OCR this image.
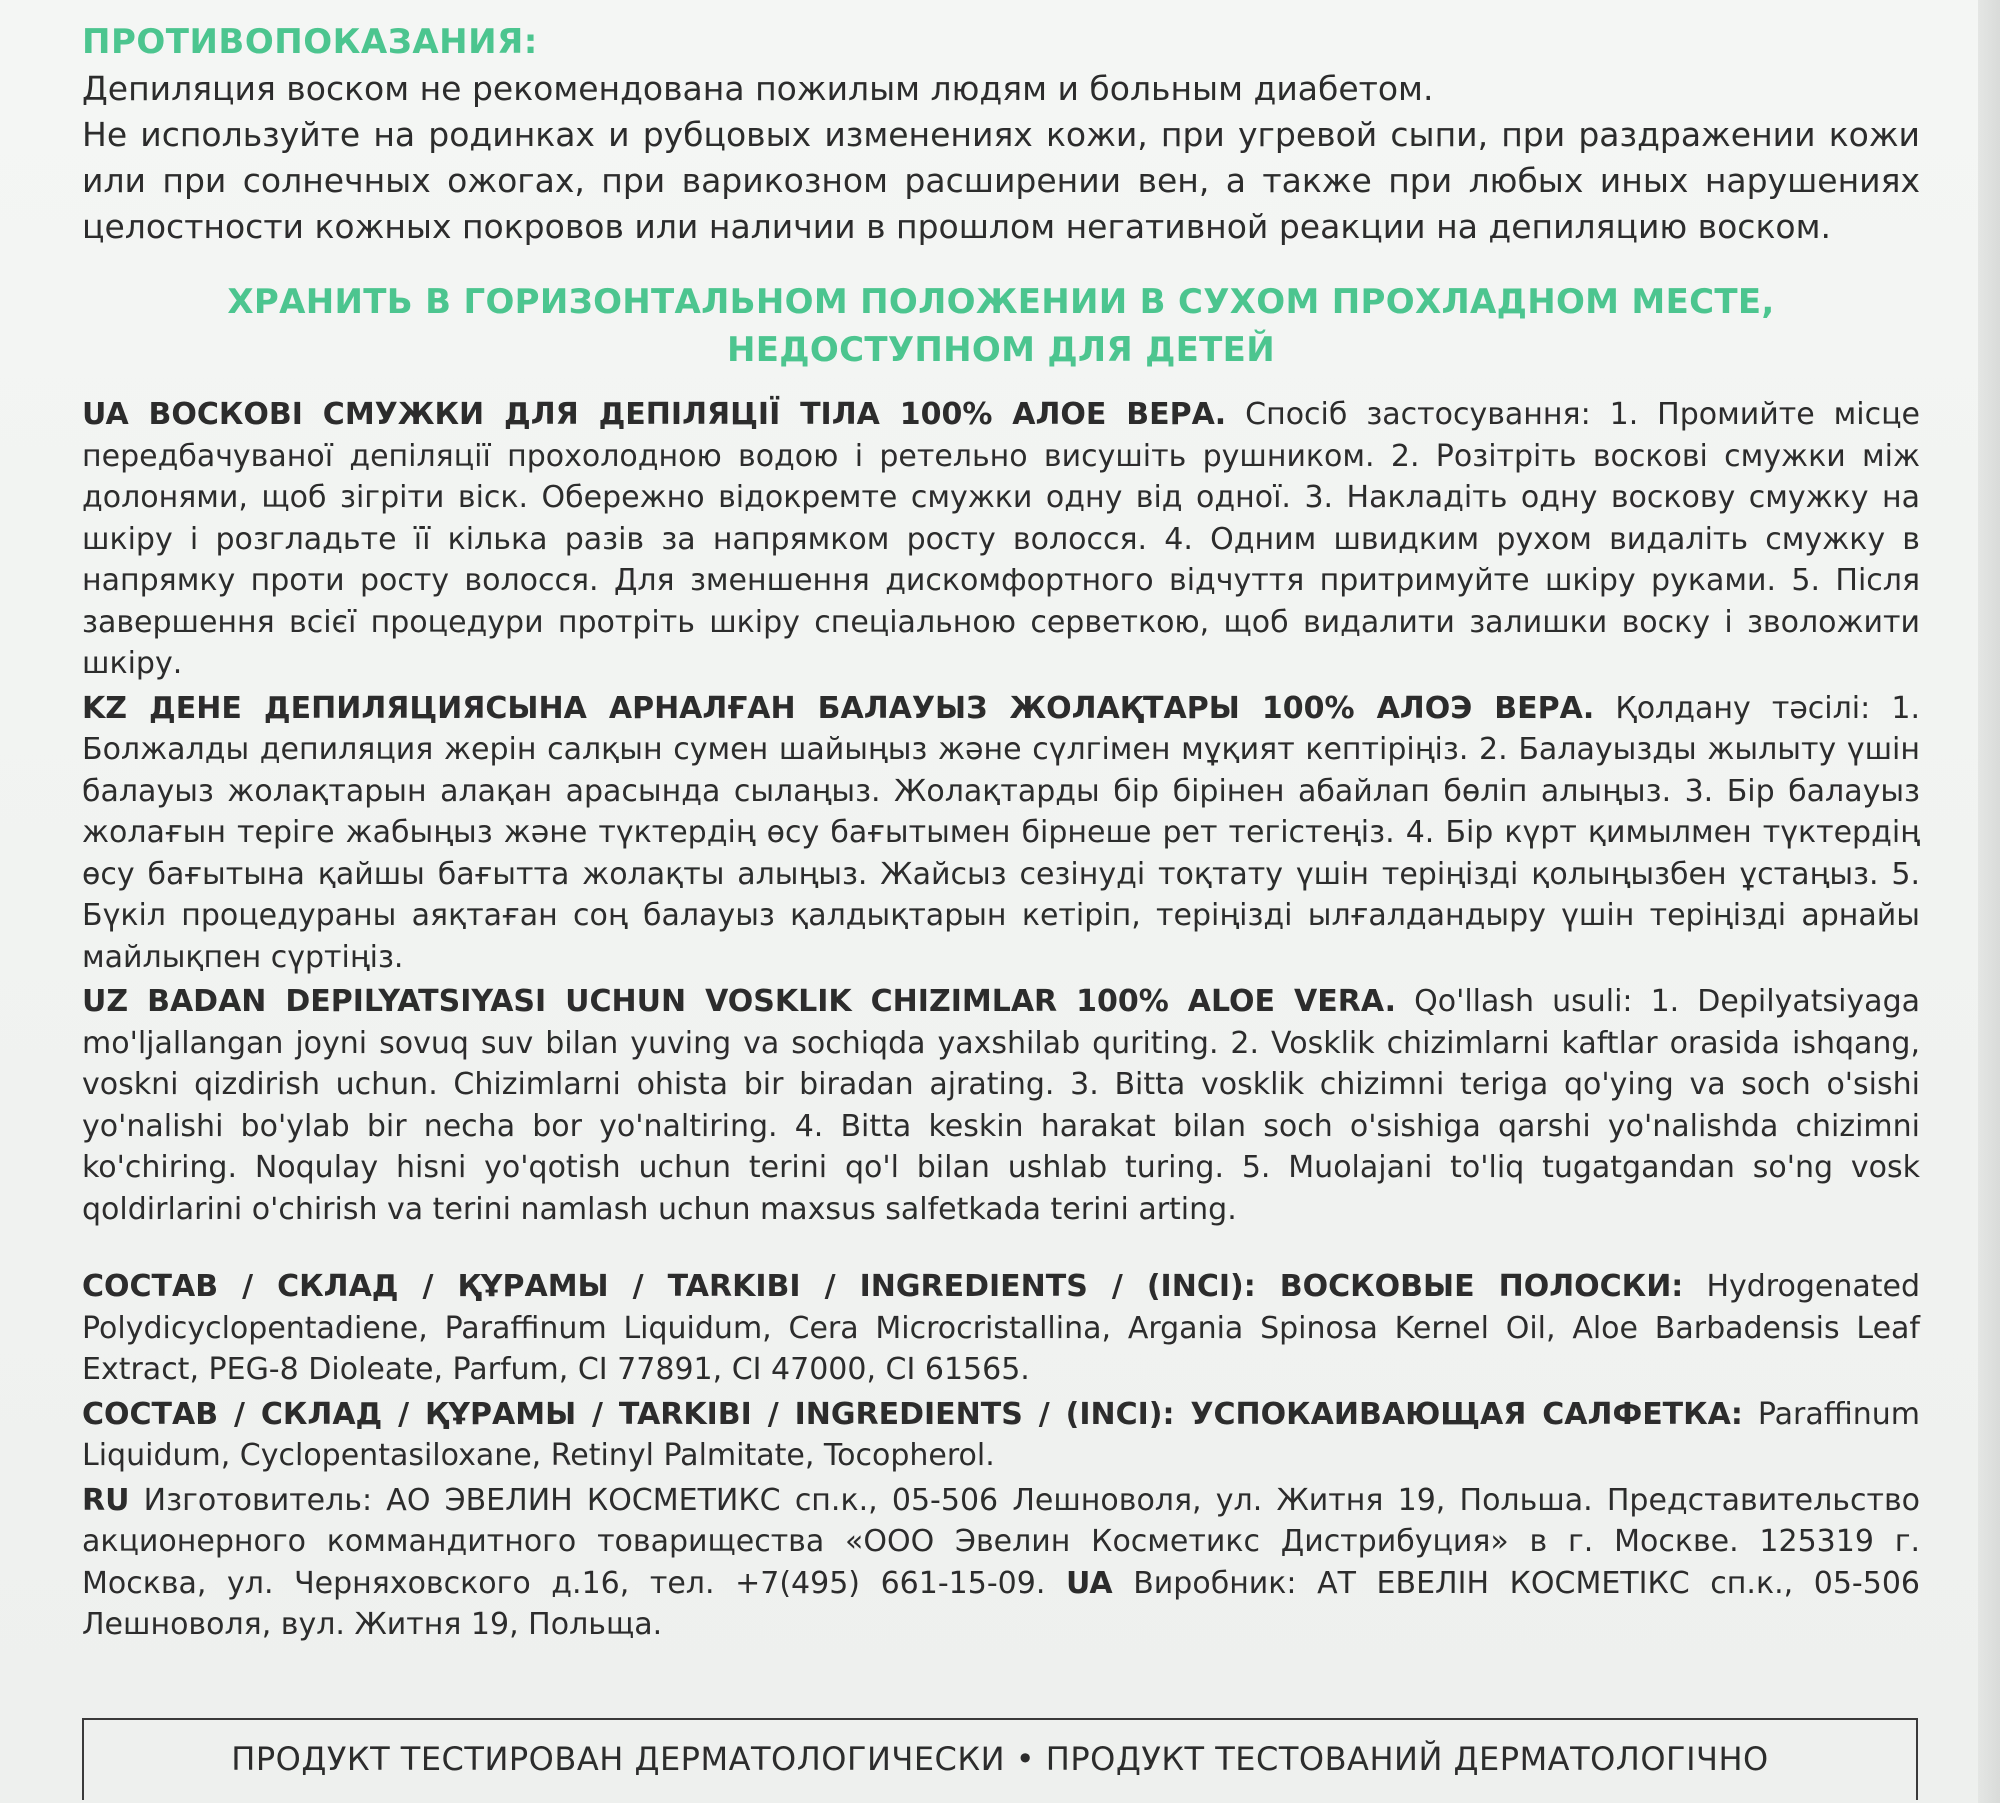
ПРОТИВОПОКАЗАНИЯ:

Депиляция воском не рекомендована пожилым людям и больным диабетом.

Не используйте на родинках и рубцовых изменениях кожи, при угревой сыпи, при раздражении кожи или при солнечных ожогах, при варикозном расширении вен, а также при любых иных нарушениях целостности кожных покровов или наличии в прошлом негативной реакции на депиляцию воском.

ХРАНИТЬ В ГОРИЗОНТАЛЬНОМ ПОЛОЖЕНИИ В СУХОМ ПРОХЛАДНОМ МЕСТЕ,

НЕДОСТУПНОМ ДЛЯ ДЕТЕЙ

UA ВОСКОВІ СМУЖКИ ДЛЯ ДЕПІЛЯЦІЇ ТІЛА 100% АЛОЕ ВЕРА. Спосіб застосування: 1. Промийте місце передбачуваної депіляції прохолодною водою і ретельно висушіть рушником. 2. Розітріть воскові смужки між долонями, щоб зігріти віск. Обережно відокремте смужки одну від одної. 3. Накладіть одну воскову смужку на шкіру і розгладьте її кілька разів за напрямком росту волосся. 4. Одним швидким рухом видаліть смужку в напрямку проти росту волосся. Для зменшення дискомфортного відчуття притримуйте шкіру руками. 5. Після завершення всієї процедури протріть шкіру спеціальною серветкою, щоб видалити залишки воску і зволожити шкіру.

KZ ДЕНЕ ДЕПИЛЯЦИЯСЫНА АРНАЛҒАН БАЛАУЫЗ ЖОЛАҚТАРЫ 100% АЛОЭ ВЕРА. Қолдану тәсілі: 1. Болжалды депиляция жерін салқын сумен шайыңыз және сүлгімен мұқият кептіріңіз. 2. Балауызды жылыту үшін балауыз жолақтарын алақан арасында сылаңыз. Жолақтарды бір бірінен абайлап бөліп алыңыз. 3. Бір балауыз жолағын теріге жабыңыз және түктердің өсу бағытымен бірнеше рет тегістеңіз. 4. Бір күрт қимылмен түктердің өсу бағытына қайшы бағытта жолақты алыңыз. Жайсыз сезінуді тоқтату үшін теріңізді қолыңызбен ұстаңыз. 5. Бүкіл процедураны аяқтаған соң балауыз қалдықтарын кетіріп, теріңізді ылғалдандыру үшін теріңізді арнайы майлықпен сүртіңіз.

UZ BADAN DEPILYATSIYASI UCHUN VOSKLIK CHIZIMLAR 100% ALOE VERA. Qo'llash usuli: 1. Depilyatsiyaga mo'ljallangan joyni sovuq suv bilan yuving va sochiqda yaxshilab quriting. 2. Vosklik chizimlarni kaftlar orasida ishqang, voskni qizdirish uchun. Chizimlarni ohista bir biradan ajrating. 3. Bitta vosklik chizimni teriga qo'ying va soch o'sishi yo'nalishi bo'ylab bir necha bor yo'naltiring. 4. Bitta keskin harakat bilan soch o'sishiga qarshi yo'nalishda chizimni ko'chiring. Noqulay hisni yo'qotish uchun terini qo'l bilan ushlab turing. 5. Muolajani to'liq tugatgandan so'ng vosk qoldirlarini o'chirish va terini namlash uchun maxsus salfetkada terini arting.

СОСТАВ / СКЛАД / ҚҰРАМЫ / TARKIBI / INGREDIENTS / (INCI): ВОСКОВЫЕ ПОЛОСКИ: Hydrogenated Polydicyclopentadiene, Paraffinum Liquidum, Cera Microcristallina, Argania Spinosa Kernel Oil, Aloe Barbadensis Leaf Extract, PEG-8 Dioleate, Parfum, CI 77891, CI 47000, CI 61565.

СОСТАВ / СКЛАД / ҚҰРАМЫ / TARKIBI / INGREDIENTS / (INCI): УСПОКАИВАЮЩАЯ САЛФЕТКА: Paraffinum Liquidum, Cyclopentasiloxane, Retinyl Palmitate, Tocopherol.

RU Изготовитель: АО ЭВЕЛИН КОСМЕТИКС сп.к., 05-506 Лешноволя, ул. Житня 19, Польша. Представительство акционерного коммандитного товарищества «ООО Эвелин Косметикс Дистрибуция» в г. Москве. 125319 г. Москва, ул. Черняховского д.16, тел. +7(495) 661-15-09. UA Виробник: АТ ЕВЕЛІН КОСМЕТІКС сп.к., 05-506 Лешноволя, вул. Житня 19, Польща.

ПРОДУКТ ТЕСТИРОВАН ДЕРМАТОЛОГИЧЕСКИ • ПРОДУКТ ТЕСТОВАНИЙ ДЕРМАТОЛОГІЧНО
